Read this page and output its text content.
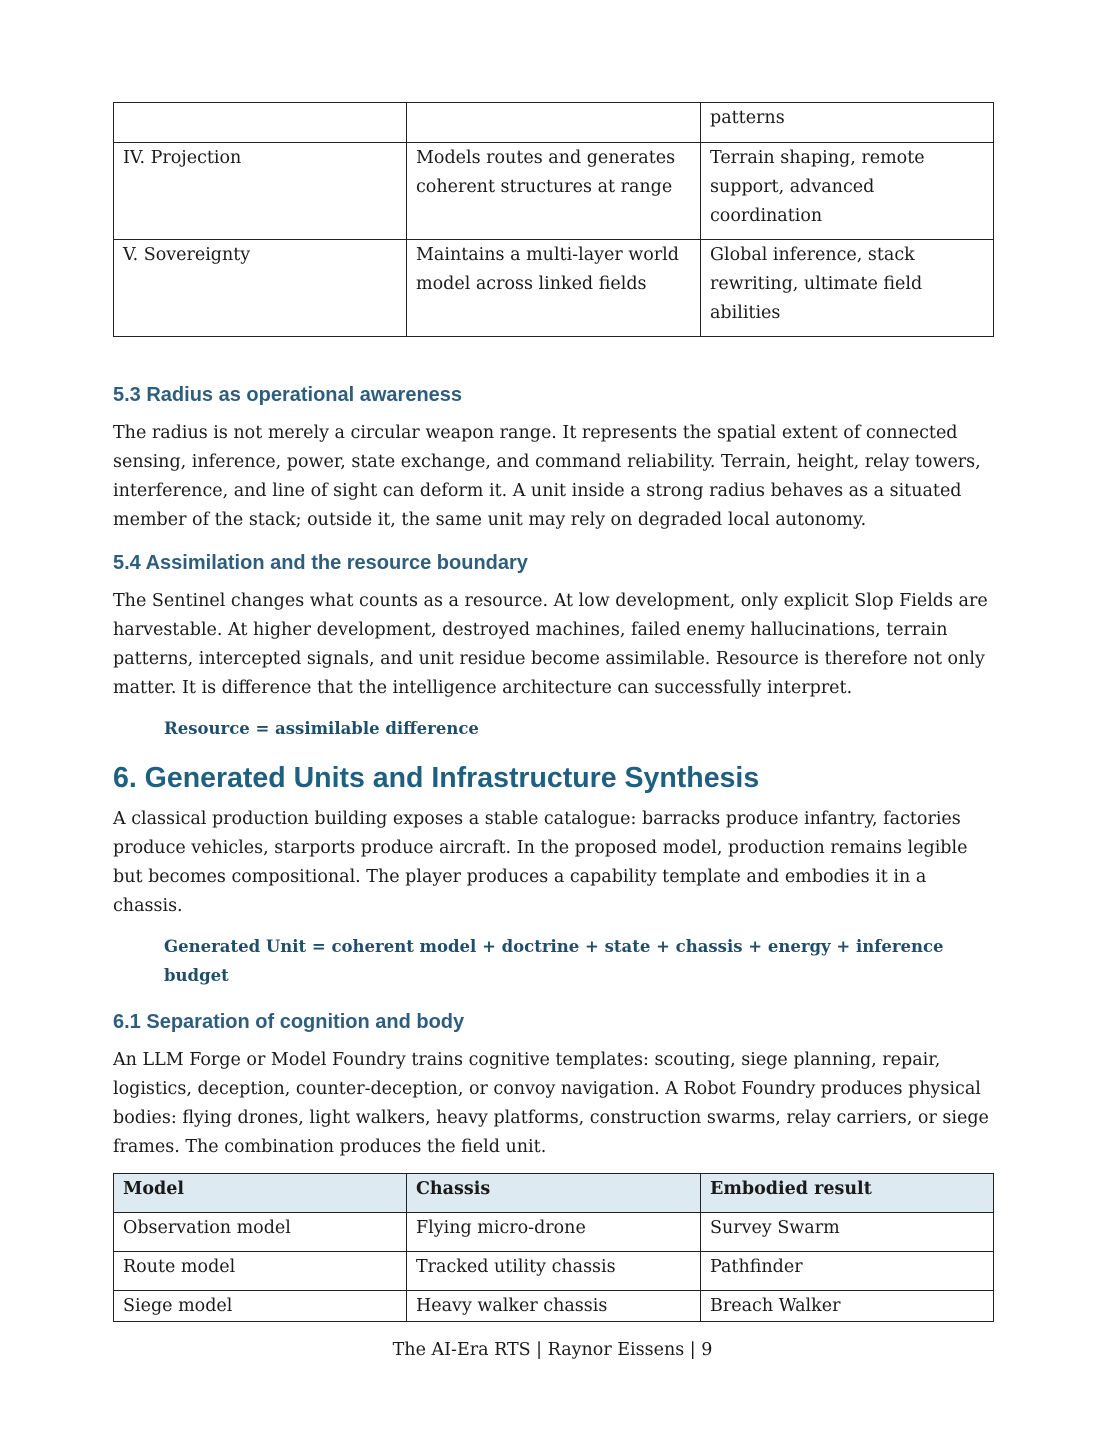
		patterns
IV. Projection	Models routes and generates coherent structures at range	Terrain shaping, remote support, advanced coordination
V. Sovereignty	Maintains a multi-layer world model across linked fields	Global inference, stack rewriting, ultimate field abilities
5.3 Radius as operational awareness

The radius is not merely a circular weapon range. It represents the spatial extent of connected sensing, inference, power, state exchange, and command reliability. Terrain, height, relay towers, interference, and line of sight can deform it. A unit inside a strong radius behaves as a situated member of the stack; outside it, the same unit may rely on degraded local autonomy.

5.4 Assimilation and the resource boundary

The Sentinel changes what counts as a resource. At low development, only explicit Slop Fields are harvestable. At higher development, destroyed machines, failed enemy hallucinations, terrain patterns, intercepted signals, and unit residue become assimilable. Resource is therefore not only matter. It is difference that the intelligence architecture can successfully interpret.

Resource = assimilable difference

6. Generated Units and Infrastructure Synthesis

A classical production building exposes a stable catalogue: barracks produce infantry, factories produce vehicles, starports produce aircraft. In the proposed model, production remains legible but becomes compositional. The player produces a capability template and embodies it in a chassis.

Generated Unit = coherent model + doctrine + state + chassis + energy + inference budget

6.1 Separation of cognition and body

An LLM Forge or Model Foundry trains cognitive templates: scouting, siege planning, repair, logistics, deception, counter-deception, or convoy navigation. A Robot Foundry produces physical bodies: flying drones, light walkers, heavy platforms, construction swarms, relay carriers, or siege frames. The combination produces the field unit.

Model	Chassis	Embodied result
Observation model	Flying micro-drone	Survey Swarm
Route model	Tracked utility chassis	Pathfinder
Siege model	Heavy walker chassis	Breach Walker
The AI-Era RTS | Raynor Eissens | 9
